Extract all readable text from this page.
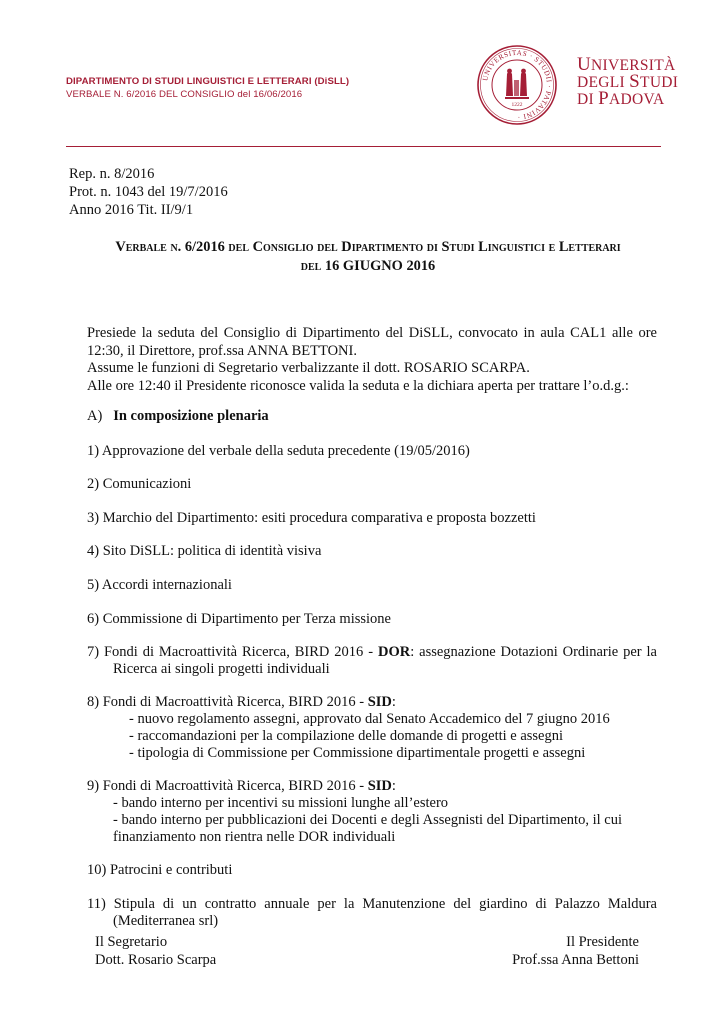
DIPARTIMENTO DI STUDI LINGUISTICI E LETTERARI (DiSLL)
VERBALE N. 6/2016 DEL CONSIGLIO del 16/06/2016
UNIVERSITAS · STUDII · PATAVINI ·
1222
UNIVERSITÀ
DEGLI STUDI
DI PADOVA
Rep. n. 8/2016
Prot. n. 1043 del 19/7/2016
Anno 2016 Tit. II/9/1
Verbale n. 6/2016 del Consiglio del Dipartimento di Studi Linguistici e Letterari
del 16 GIUGNO 2016
Presiede la seduta del Consiglio di Dipartimento del DiSLL, convocato in aula CAL1 alle ore
12:30, il Direttore, prof.ssa ANNA BETTONI.
Assume le funzioni di Segretario verbalizzante il dott. ROSARIO SCARPA.
Alle ore 12:40 il Presidente riconosce valida la seduta e la dichiara aperta per trattare l’o.d.g.:
A) In composizione plenaria
1) Approvazione del verbale della seduta precedente (19/05/2016)
2) Comunicazioni
3) Marchio del Dipartimento: esiti procedura comparativa e proposta bozzetti
4) Sito DiSLL: politica di identità visiva
5) Accordi internazionali
6) Commissione di Dipartimento per Terza missione
7) Fondi di Macroattività Ricerca, BIRD 2016 - DOR: assegnazione Dotazioni Ordinarie per la
Ricerca ai singoli progetti individuali
8) Fondi di Macroattività Ricerca, BIRD 2016 - SID:
- nuovo regolamento assegni, approvato dal Senato Accademico del 7 giugno 2016
- raccomandazioni per la compilazione delle domande di progetti e assegni
- tipologia di Commissione per Commissione dipartimentale progetti e assegni
9) Fondi di Macroattività Ricerca, BIRD 2016 - SID:
- bando interno per incentivi su missioni lunghe all’estero
- bando interno per pubblicazioni dei Docenti e degli Assegnisti del Dipartimento, il cui
finanziamento non rientra nelle DOR individuali
10) Patrocini e contributi
11) Stipula di un contratto annuale per la Manutenzione del giardino di Palazzo Maldura
(Mediterranea srl)
Il Segretario
Dott. Rosario Scarpa
Il Presidente
Prof.ssa Anna Bettoni
